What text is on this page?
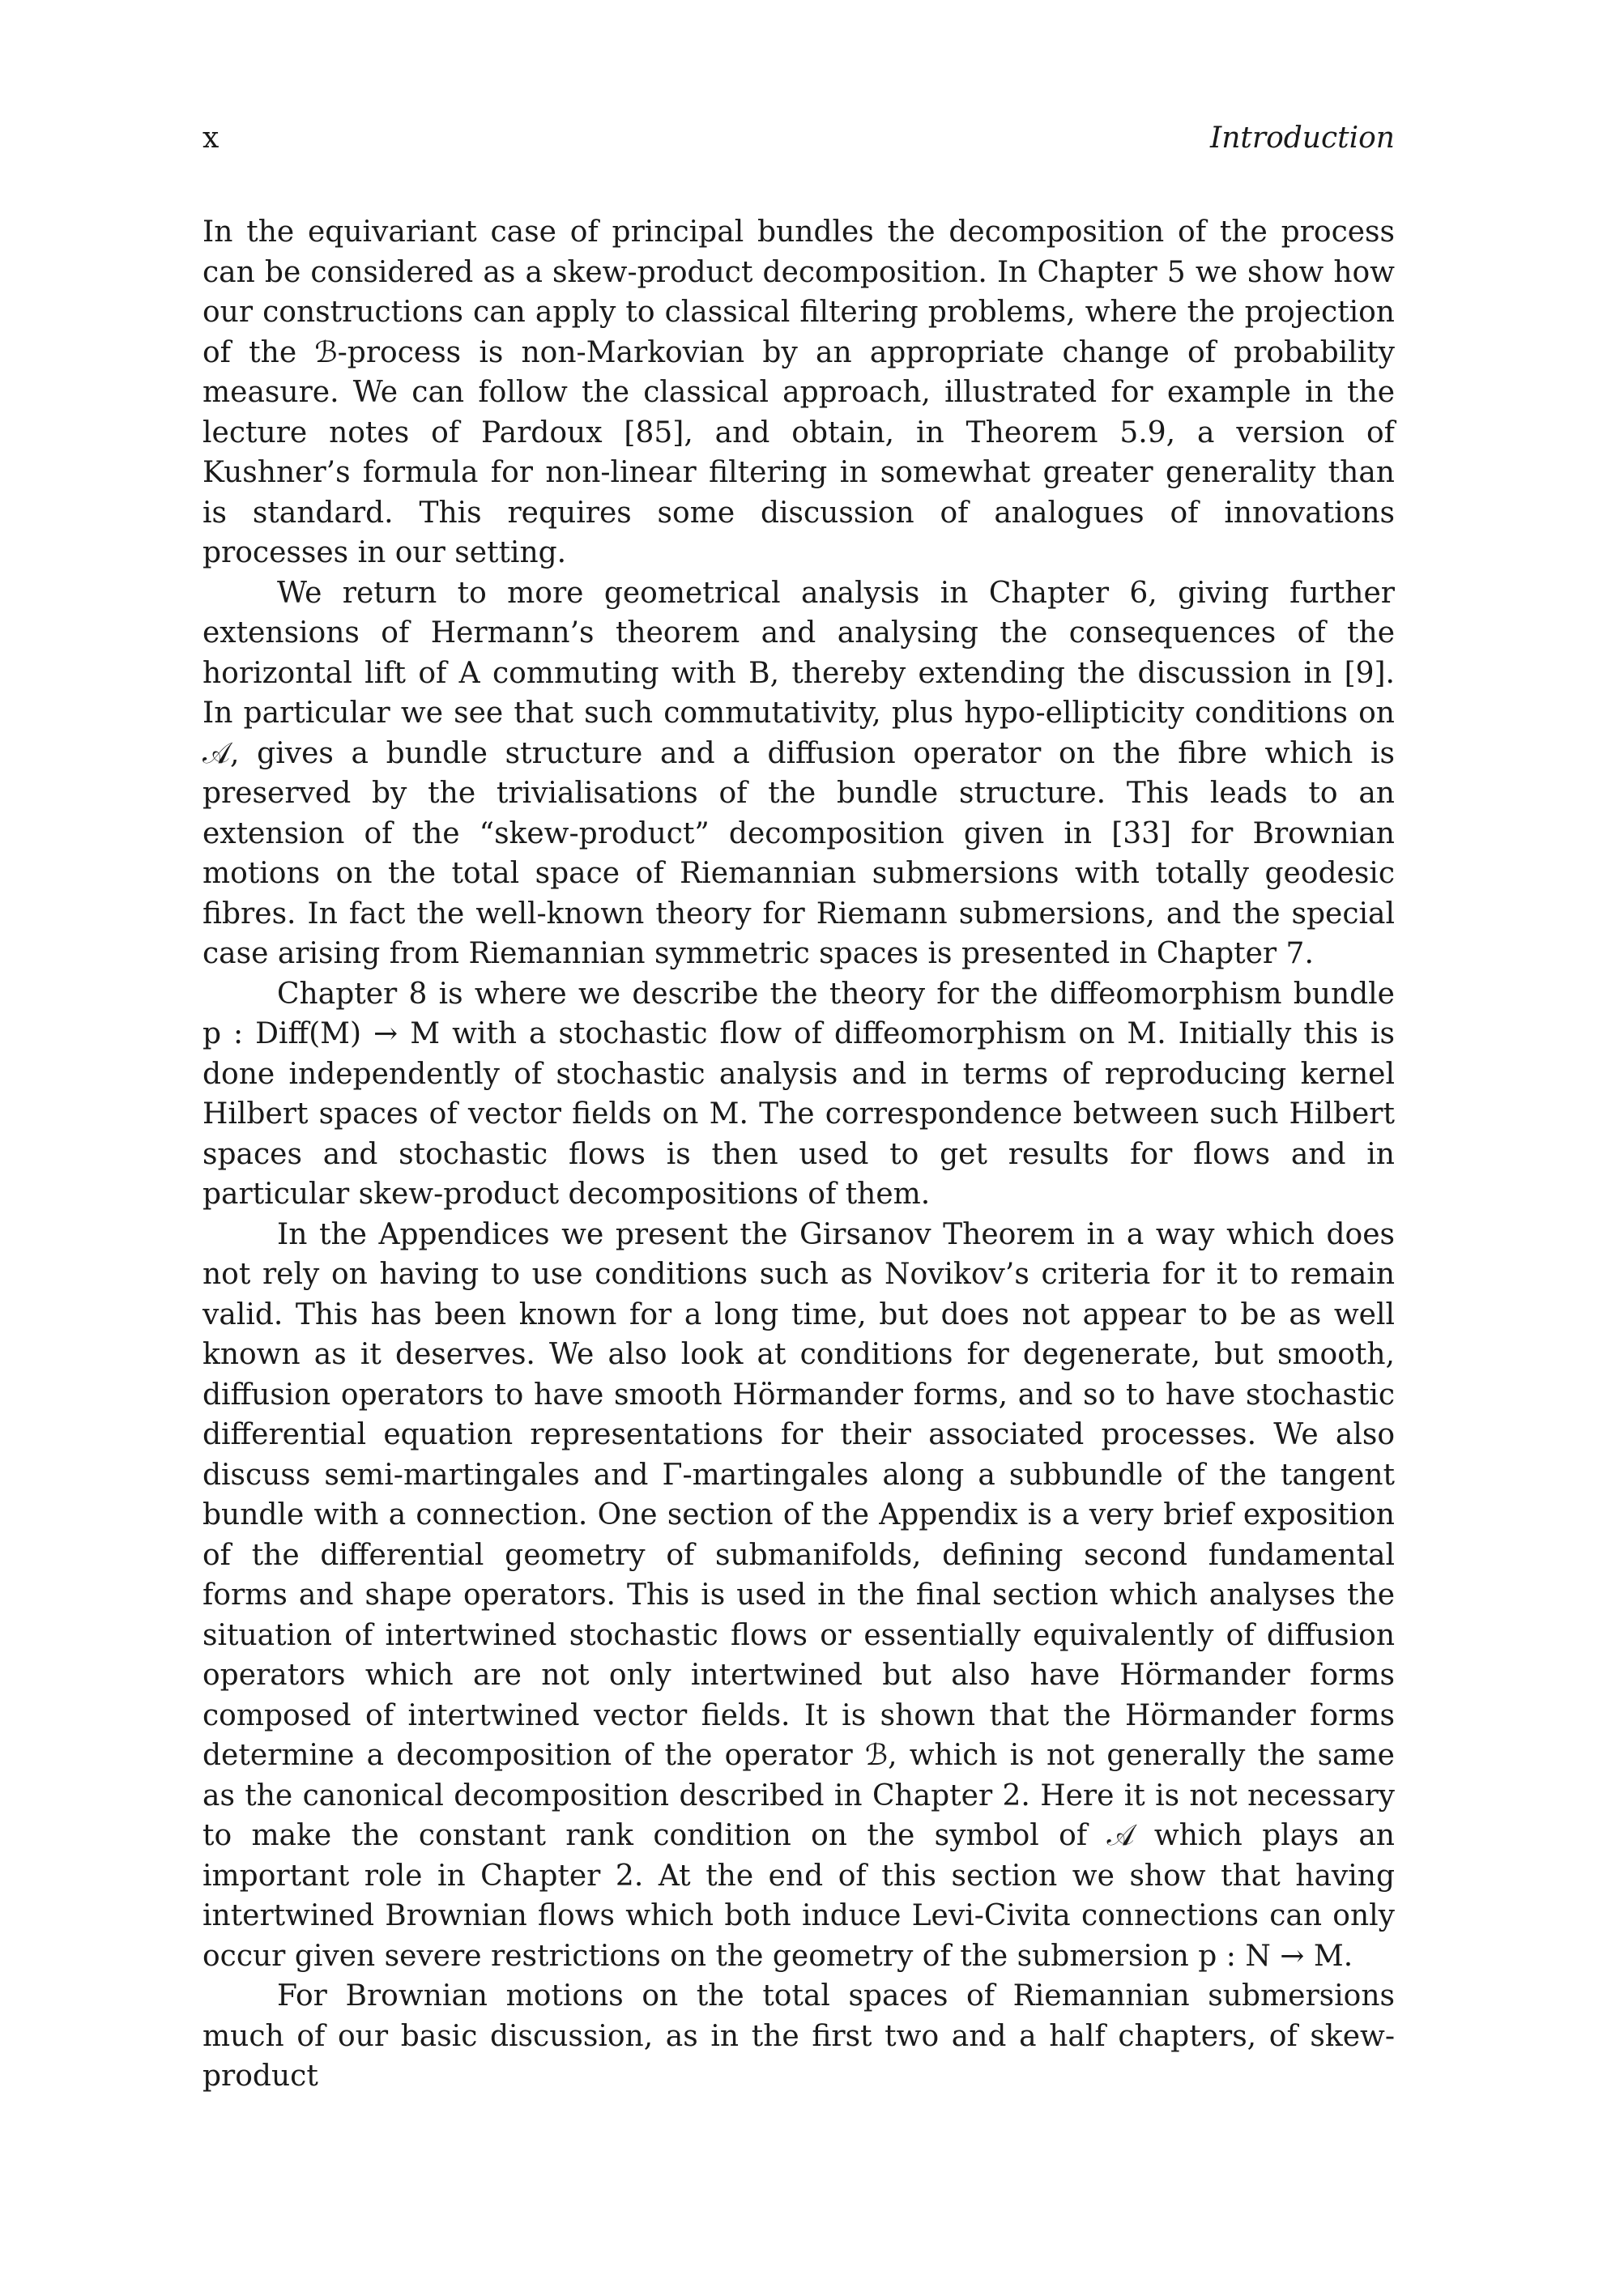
x	Introduction

In the equivariant case of principal bundles the decomposition of the process can be considered as a skew-product decomposition. In Chapter 5 we show how our constructions can apply to classical filtering problems, where the projection of the ℬ-process is non-Markovian by an appropriate change of probability measure. We can follow the classical approach, illustrated for example in the lecture notes of Pardoux [85], and obtain, in Theorem 5.9, a version of Kushner’s formula for non-linear filtering in somewhat greater generality than is standard. This requires some discussion of analogues of innovations processes in our setting.

We return to more geometrical analysis in Chapter 6, giving further extensions of Hermann’s theorem and analysing the consequences of the horizontal lift of A commuting with B, thereby extending the discussion in [9]. In particular we see that such commutativity, plus hypo-ellipticity conditions on 𝒜, gives a bundle structure and a diffusion operator on the fibre which is preserved by the trivialisations of the bundle structure. This leads to an extension of the “skew-product” decomposition given in [33] for Brownian motions on the total space of Riemannian submersions with totally geodesic fibres. In fact the well-known theory for Riemann submersions, and the special case arising from Riemannian symmetric spaces is presented in Chapter 7.

Chapter 8 is where we describe the theory for the diffeomorphism bundle p : Diff(M) → M with a stochastic flow of diffeomorphism on M. Initially this is done independently of stochastic analysis and in terms of reproducing kernel Hilbert spaces of vector fields on M. The correspondence between such Hilbert spaces and stochastic flows is then used to get results for flows and in particular skew-product decompositions of them.

In the Appendices we present the Girsanov Theorem in a way which does not rely on having to use conditions such as Novikov’s criteria for it to remain valid. This has been known for a long time, but does not appear to be as well known as it deserves. We also look at conditions for degenerate, but smooth, diffusion operators to have smooth Hörmander forms, and so to have stochastic differential equation representations for their associated processes. We also discuss semi-martingales and Γ-martingales along a subbundle of the tangent bundle with a connection. One section of the Appendix is a very brief exposition of the differential geometry of submanifolds, defining second fundamental forms and shape operators. This is used in the final section which analyses the situation of intertwined stochastic flows or essentially equivalently of diffusion operators which are not only intertwined but also have Hörmander forms composed of intertwined vector fields. It is shown that the Hörmander forms determine a decomposition of the operator ℬ, which is not generally the same as the canonical decomposition described in Chapter 2. Here it is not necessary to make the constant rank condition on the symbol of 𝒜 which plays an important role in Chapter 2. At the end of this section we show that having intertwined Brownian flows which both induce Levi-Civita connections can only occur given severe restrictions on the geometry of the submersion p : N → M.

For Brownian motions on the total spaces of Riemannian submersions much of our basic discussion, as in the first two and a half chapters, of skew-product
